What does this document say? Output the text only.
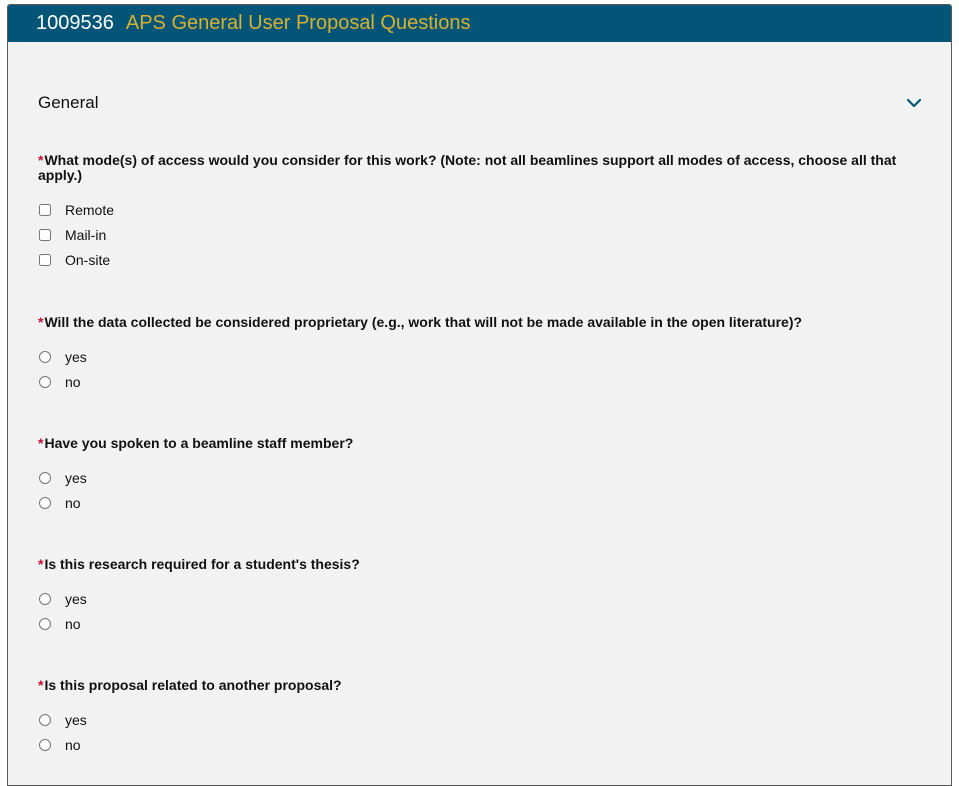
1009536 APS General User Proposal Questions
General
*What mode(s) of access would you consider for this work? (Note: not all beamlines support all modes of access, choose all that apply.)
Remote
Mail-in
On-site
*Will the data collected be considered proprietary (e.g., work that will not be made available in the open literature)?
yes
no
*Have you spoken to a beamline staff member?
yes
no
*Is this research required for a student's thesis?
yes
no
*Is this proposal related to another proposal?
yes
no
